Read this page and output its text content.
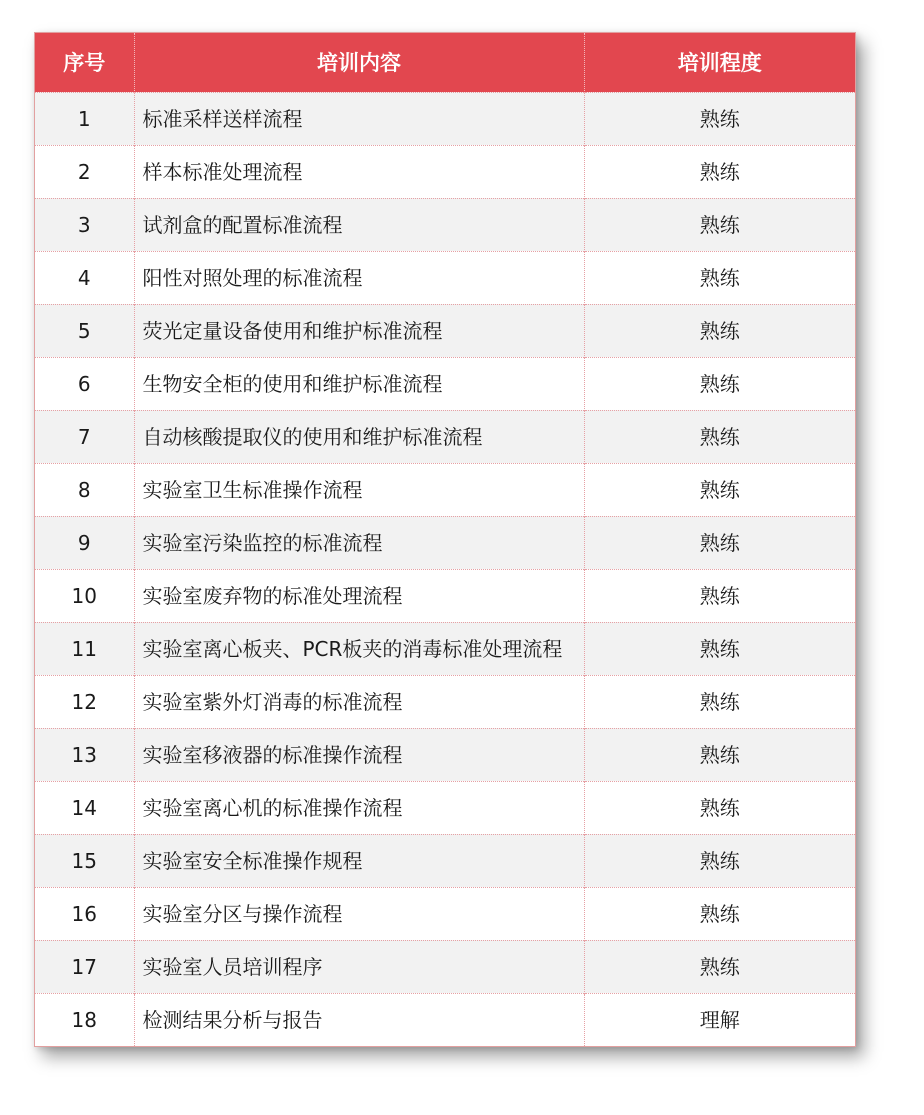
序号	培训内容	培训程度
1	标准采样送样流程	熟练
2	样本标准处理流程	熟练
3	试剂盒的配置标准流程	熟练
4	阳性对照处理的标准流程	熟练
5	荧光定量设备使用和维护标准流程	熟练
6	生物安全柜的使用和维护标准流程	熟练
7	自动核酸提取仪的使用和维护标准流程	熟练
8	实验室卫生标准操作流程	熟练
9	实验室污染监控的标准流程	熟练
10	实验室废弃物的标准处理流程	熟练
11	实验室离心板夹、PCR板夹的消毒标准处理流程	熟练
12	实验室紫外灯消毒的标准流程	熟练
13	实验室移液器的标准操作流程	熟练
14	实验室离心机的标准操作流程	熟练
15	实验室安全标准操作规程	熟练
16	实验室分区与操作流程	熟练
17	实验室人员培训程序	熟练
18	检测结果分析与报告	理解
